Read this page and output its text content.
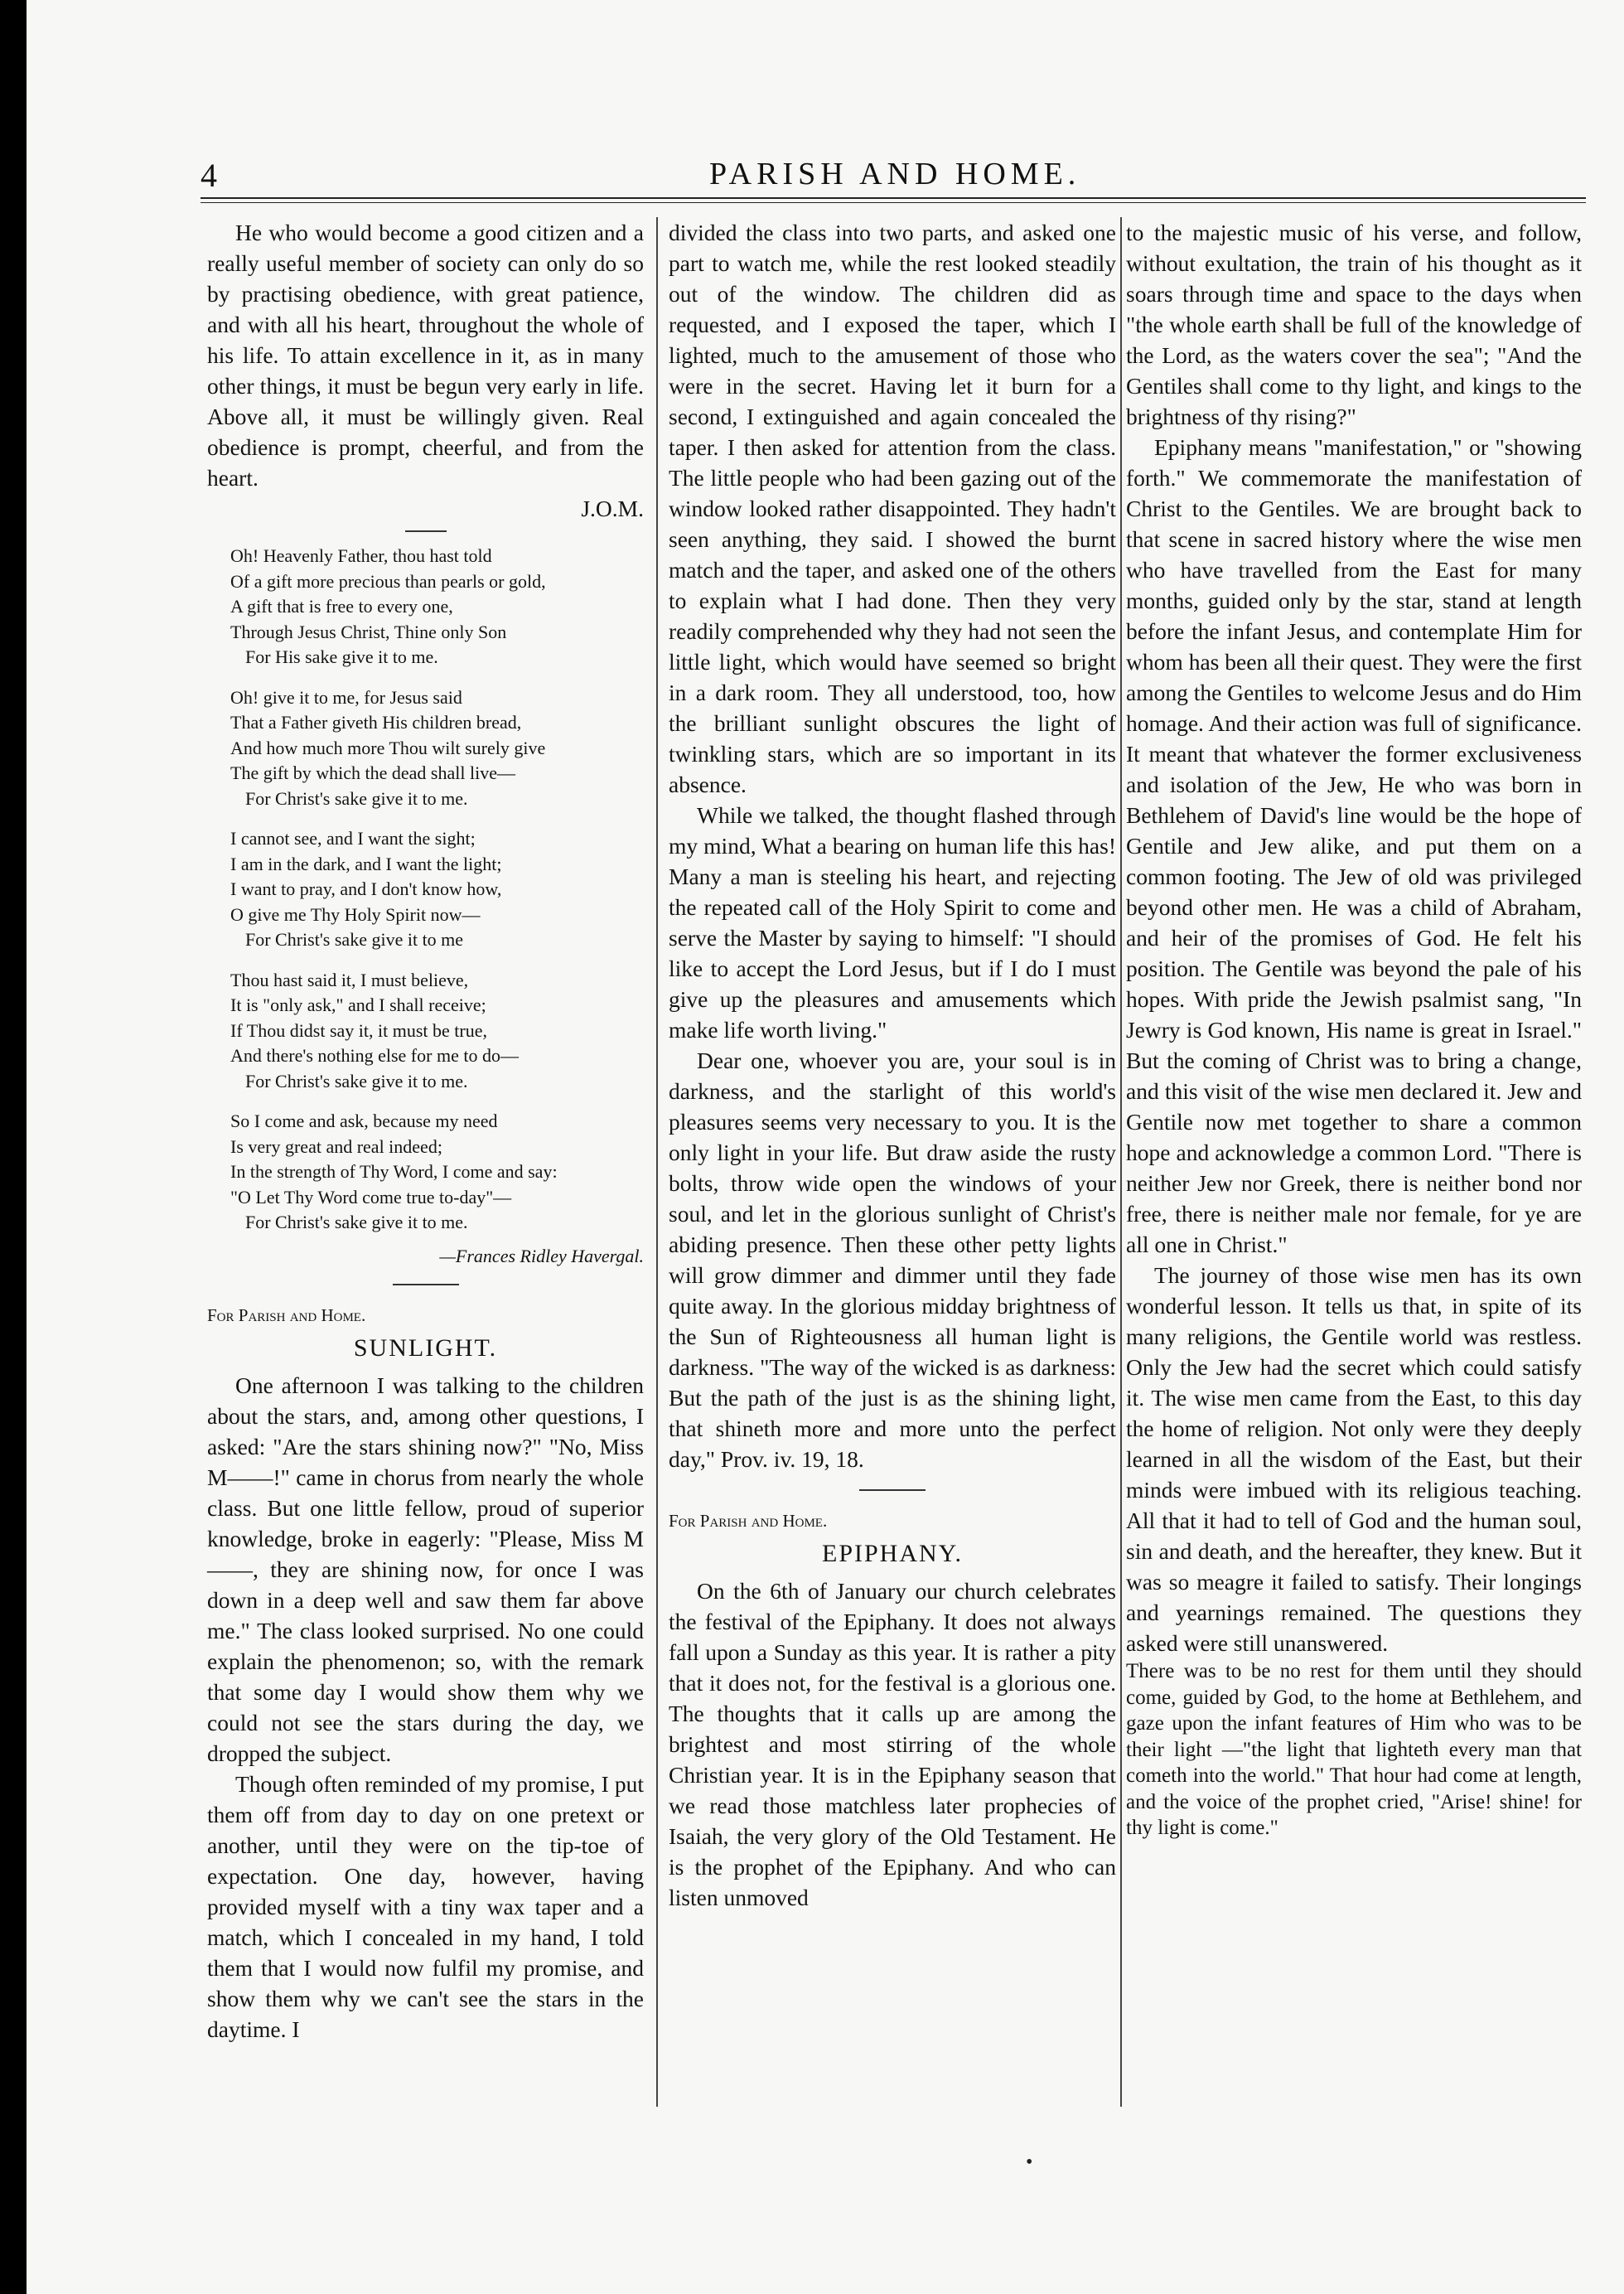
4	PARISH AND HOME.

He who would become a good citizen and a really useful member of society can only do so by practising obedience, with great patience, and with all his heart, throughout the whole of his life. To attain excellence in it, as in many other things, it must be begun very early in life. Above all, it must be willingly given. Real obedience is prompt, cheerful, and from the heart.

J.O.M.
Oh! Heavenly Father, thou hast told
Of a gift more precious than pearls or gold,
A gift that is free to every one,
Through Jesus Christ, Thine only Son
For His sake give it to me.
Oh! give it to me, for Jesus said
That a Father giveth His children bread,
And how much more Thou wilt surely give
The gift by which the dead shall live—
For Christ's sake give it to me.
I cannot see, and I want the sight;
I am in the dark, and I want the light;
I want to pray, and I don't know how,
O give me Thy Holy Spirit now—
For Christ's sake give it to me
Thou hast said it, I must believe,
It is "only ask," and I shall receive;
If Thou didst say it, it must be true,
And there's nothing else for me to do—
For Christ's sake give it to me.
So I come and ask, because my need
Is very great and real indeed;
In the strength of Thy Word, I come and say:
"O Let Thy Word come true to-day"—
For Christ's sake give it to me.
—Frances Ridley Havergal.

For Parish and Home.

SUNLIGHT.

One afternoon I was talking to the children about the stars, and, among other questions, I asked: "Are the stars shining now?" "No, Miss M——!" came in chorus from nearly the whole class. But one little fellow, proud of superior knowledge, broke in eagerly: "Please, Miss M——, they are shining now, for once I was down in a deep well and saw them far above me." The class looked surprised. No one could explain the phenomenon; so, with the remark that some day I would show them why we could not see the stars during the day, we dropped the subject.

Though often reminded of my promise, I put them off from day to day on one pretext or another, until they were on the tip-toe of expectation. One day, however, having provided myself with a tiny wax taper and a match, which I concealed in my hand, I told them that I would now fulfil my promise, and show them why we can't see the stars in the daytime. I

divided the class into two parts, and asked one part to watch me, while the rest looked steadily out of the window. The children did as requested, and I exposed the taper, which I lighted, much to the amusement of those who were in the secret. Having let it burn for a second, I extinguished and again concealed the taper. I then asked for attention from the class. The little people who had been gazing out of the window looked rather disappointed. They hadn't seen anything, they said. I showed the burnt match and the taper, and asked one of the others to explain what I had done. Then they very readily comprehended why they had not seen the little light, which would have seemed so bright in a dark room. They all understood, too, how the brilliant sunlight obscures the light of twinkling stars, which are so important in its absence.

While we talked, the thought flashed through my mind, What a bearing on human life this has! Many a man is steeling his heart, and rejecting the repeated call of the Holy Spirit to come and serve the Master by saying to himself: "I should like to accept the Lord Jesus, but if I do I must give up the pleasures and amusements which make life worth living."

Dear one, whoever you are, your soul is in darkness, and the starlight of this world's pleasures seems very necessary to you. It is the only light in your life. But draw aside the rusty bolts, throw wide open the windows of your soul, and let in the glorious sunlight of Christ's abiding presence. Then these other petty lights will grow dimmer and dimmer until they fade quite away. In the glorious midday brightness of the Sun of Righteousness all human light is darkness. "The way of the wicked is as darkness: But the path of the just is as the shining light, that shineth more and more unto the perfect day," Prov. iv. 19, 18.

For Parish and Home.

EPIPHANY.

On the 6th of January our church celebrates the festival of the Epiphany. It does not always fall upon a Sunday as this year. It is rather a pity that it does not, for the festival is a glorious one. The thoughts that it calls up are among the brightest and most stirring of the whole Christian year. It is in the Epiphany season that we read those matchless later prophecies of Isaiah, the very glory of the Old Testament. He is the prophet of the Epiphany. And who can listen unmoved

to the majestic music of his verse, and follow, without exultation, the train of his thought as it soars through time and space to the days when "the whole earth shall be full of the knowledge of the Lord, as the waters cover the sea"; "And the Gentiles shall come to thy light, and kings to the brightness of thy rising?"

Epiphany means "manifestation," or "showing forth." We commemorate the manifestation of Christ to the Gentiles. We are brought back to that scene in sacred history where the wise men who have travelled from the East for many months, guided only by the star, stand at length before the infant Jesus, and contemplate Him for whom has been all their quest. They were the first among the Gentiles to welcome Jesus and do Him homage. And their action was full of significance. It meant that whatever the former exclusiveness and isolation of the Jew, He who was born in Bethlehem of David's line would be the hope of Gentile and Jew alike, and put them on a common footing. The Jew of old was privileged beyond other men. He was a child of Abraham, and heir of the promises of God. He felt his position. The Gentile was beyond the pale of his hopes. With pride the Jewish psalmist sang, "In Jewry is God known, His name is great in Israel." But the coming of Christ was to bring a change, and this visit of the wise men declared it. Jew and Gentile now met together to share a common hope and acknowledge a common Lord. "There is neither Jew nor Greek, there is neither bond nor free, there is neither male nor female, for ye are all one in Christ."

The journey of those wise men has its own wonderful lesson. It tells us that, in spite of its many religions, the Gentile world was restless. Only the Jew had the secret which could satisfy it. The wise men came from the East, to this day the home of religion. Not only were they deeply learned in all the wisdom of the East, but their minds were imbued with its religious teaching. All that it had to tell of God and the human soul, sin and death, and the hereafter, they knew. But it was so meagre it failed to satisfy. Their longings and yearnings remained. The questions they asked were still unanswered.

There was to be no rest for them until they should come, guided by God, to the home at Bethlehem, and gaze upon the infant features of Him who was to be their light —"the light that lighteth every man that cometh into the world." That hour had come at length, and the voice of the prophet cried, "Arise! shine! for thy light is come."

•
